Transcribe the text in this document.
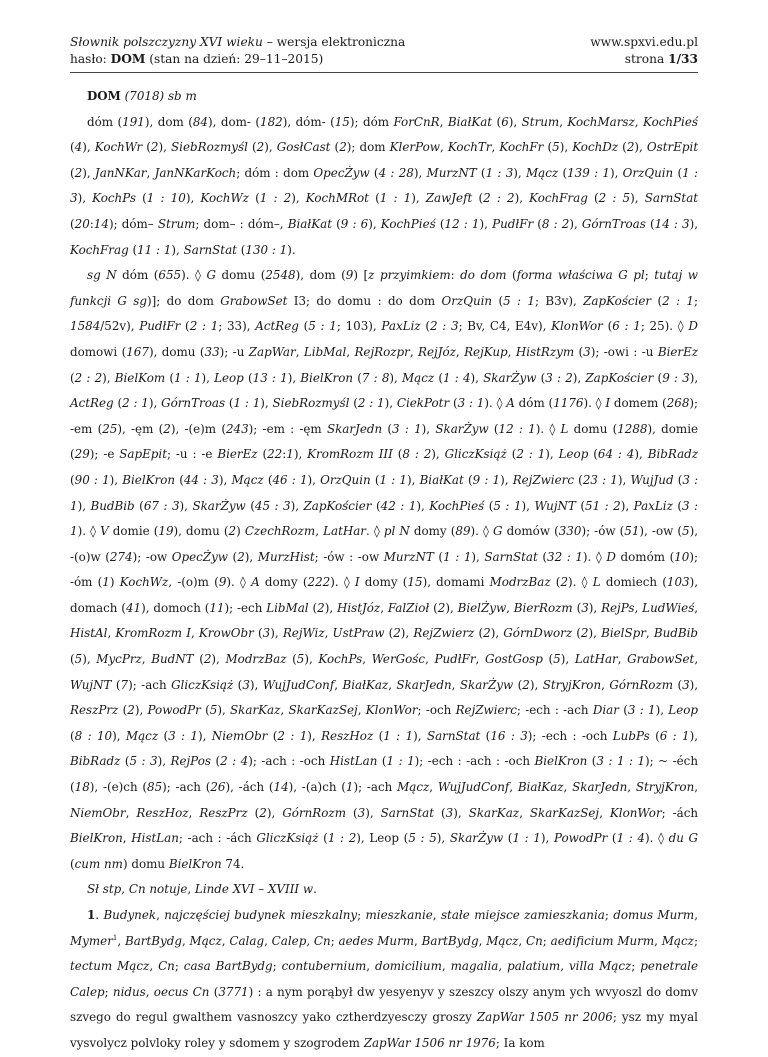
Słownik polszczyzny XVI wieku – wersja elektroniczna
hasło: DOM (stan na dzień: 29–11–2015)
www.spxvi.edu.pl
strona 1/33

DOM (7018) sb m

dóm (191), dom (84), dom- (182), dóm- (15); dóm ForCnR, BiałKat (6), Strum, KochMarsz, KochPieś (4), KochWr (2), SiebRozmyśl (2), GosłCast (2); dom KlerPow, KochTr, KochFr (5), KochDz (2), OstrEpit (2), JanNKar, JanNKarKoch; dóm : dom OpecŻyw (4 : 28), MurzNT (1 : 3), Mącz (139 : 1), OrzQuin (1 : 3), KochPs (1 : 10), KochWz (1 : 2), KochMRot (1 : 1), ZawJeft (2 : 2), KochFrag (2 : 5), SarnStat (20:14); dóm– Strum; dom– : dóm–, BiałKat (9 : 6), KochPieś (12 : 1), PudłFr (8 : 2), GórnTroas (14 : 3), KochFrag (11 : 1), SarnStat (130 : 1).

sg N dóm (655). ◊ G domu (2548), dom (9) [z przyimkiem: do dom (forma właściwa G pl; tutaj w funkcji G sg)]; do dom GrabowSet I3; do domu : do dom OrzQuin (5 : 1; B3v), ZapKościer (2 : 1; 1584/52v), PudłFr (2 : 1; 33), ActReg (5 : 1; 103), PaxLiz (2 : 3; Bv, C4, E4v), KlonWor (6 : 1; 25). ◊ D domowi (167), domu (33); -u ZapWar, LibMal, RejRozpr, RejJóz, RejKup, HistRzym (3); -owi : -u BierEz (2 : 2), BielKom (1 : 1), Leop (13 : 1), BielKron (7 : 8), Mącz (1 : 4), SkarŻyw (3 : 2), ZapKościer (9 : 3), ActReg (2 : 1), GórnTroas (1 : 1), SiebRozmyśl (2 : 1), CiekPotr (3 : 1). ◊ A dóm (1176). ◊ I domem (268); -em (25), -ęm (2), -(e)m (243); -em : -ęm SkarJedn (3 : 1), SkarŻyw (12 : 1). ◊ L domu (1288), domie (29); -e SapEpit; -u : -e BierEz (22:1), KromRozm III (8 : 2), GliczKsiąż (2 : 1), Leop (64 : 4), BibRadz (90 : 1), BielKron (44 : 3), Mącz (46 : 1), OrzQuin (1 : 1), BiałKat (9 : 1), RejZwierc (23 : 1), WujJud (3 : 1), BudBib (67 : 3), SkarŻyw (45 : 3), ZapKościer (42 : 1), KochPieś (5 : 1), WujNT (51 : 2), PaxLiz (3 : 1). ◊ V domie (19), domu (2) CzechRozm, LatHar. ◊ pl N domy (89). ◊ G domów (330); -ów (51), -ow (5), -(o)w (274); -ow OpecŻyw (2), MurzHist; -ów : -ow MurzNT (1 : 1), SarnStat (32 : 1). ◊ D domóm (10); -óm (1) KochWz, -(o)m (9). ◊ A domy (222). ◊ I domy (15), domami ModrzBaz (2). ◊ L domiech (103), domach (41), domoch (11); -ech LibMal (2), HistJóz, FalZioł (2), BielŻyw, BierRozm (3), RejPs, LudWieś, HistAl, KromRozm I, KrowObr (3), RejWiz, UstPraw (2), RejZwierz (2), GórnDworz (2), BielSpr, BudBib (5), MycPrz, BudNT (2), ModrzBaz (5), KochPs, WerGośc, PudłFr, GostGosp (5), LatHar, GrabowSet, WujNT (7); -ach GliczKsiąż (3), WujJudConf, BiałKaz, SkarJedn, SkarŻyw (2), StryjKron, GórnRozm (3), ReszPrz (2), PowodPr (5), SkarKaz, SkarKazSej, KlonWor; -och RejZwierc; -ech : -ach Diar (3 : 1), Leop (8 : 10), Mącz (3 : 1), NiemObr (2 : 1), ReszHoz (1 : 1), SarnStat (16 : 3); -ech : -och LubPs (6 : 1), BibRadz (5 : 3), RejPos (2 : 4); -ach : -och HistLan (1 : 1); -ech : -ach : -och BielKron (3 : 1 : 1); ~ -éch (18), -(e)ch (85); -ach (26), -ách (14), -(a)ch (1); -ach Mącz, WujJudConf, BiałKaz, SkarJedn, StryjKron, NiemObr, ReszHoz, ReszPrz (2), GórnRozm (3), SarnStat (3), SkarKaz, SkarKazSej, KlonWor; -ách BielKron, HistLan; -ach : -ách GliczKsiąż (1 : 2), Leop (5 : 5), SkarŻyw (1 : 1), PowodPr (1 : 4). ◊ du G (cum nm) domu BielKron 74.

Sł stp, Cn notuje, Linde XVI – XVIII w.

1. Budynek, najczęściej budynek mieszkalny; mieszkanie, stałe miejsce zamieszkania; domus Murm, Mymer$^1$, BartBydg, Mącz, Calag, Calep, Cn; aedes Murm, BartBydg, Mącz, Cn; aedificium Murm, Mącz; tectum Mącz, Cn; casa BartBydg; contubernium, domicilium, magalia, palatium, villa Mącz; penetrale Calep; nidus, oecus Cn (3771) : a nym porąbył dw yesyenyv y szeszcy olszy anym ych wvyoszl do domv szvego do regul gwalthem vasnoszcy yako cztherdzyesczy groszy ZapWar 1505 nr 2006; ysz my myal vysvolycz polvloky roley y sdomem y szogrodem ZapWar 1506 nr 1976; Ia kom
